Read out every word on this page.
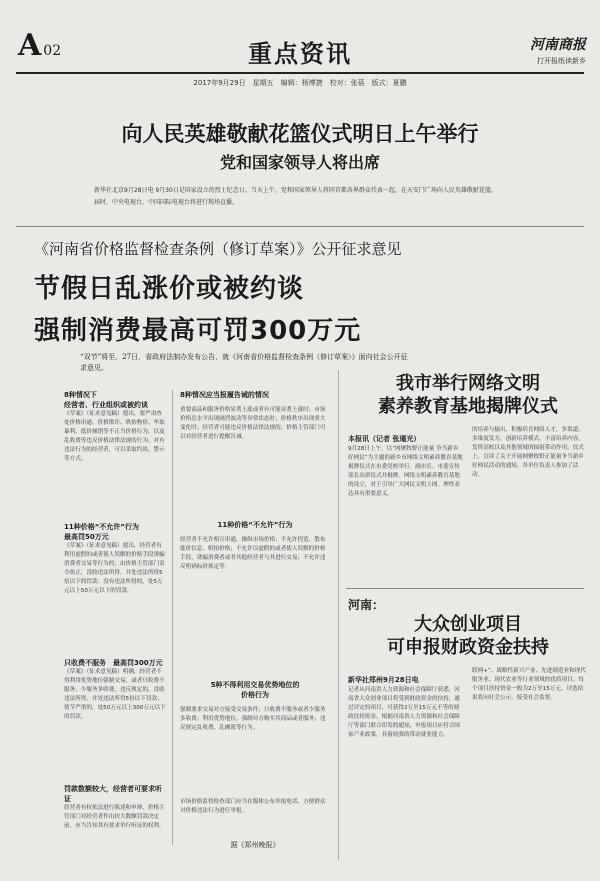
A 02	重点资讯	河南商报
打开报纸读新乡
2017年9月29日　星期五　编辑：杨博捷　校对：张蓓　版式：夏鹏
向人民英雄敬献花篮仪式明日上午举行
党和国家领导人将出席
新华社北京9月28日电 9月30日是国家设立的烈士纪念日。当天上午，党和国家领导人将同首都各界群众代表一起，在天安门广场向人民英雄敬献花篮。
届时，中央电视台、中国国际电视台将进行现场直播。
《河南省价格监督检查条例（修订草案）》公开征求意见
节假日乱涨价或被约谈
强制消费最高可罚300万元
“双节”将至，27日，省政府法制办发布公告，就《河南省价格监督检查条例（修订草案）》面向社会公开征求意见。
8种情况下
经营者、行业组织或被约谈
《草案》（征求意见稿）提出，要严肃查处价格串通、价格欺诈、哄抬物价、牟取暴利、低价倾销等不正当价格行为，以及乱收费等违反价格法律法规的行为。对有违法行为的经营者，可以采取约谈、警示等方式。
11种价格“不允许”行为
最高罚50万元
《草案》（征求意见稿）提出，经营者有利用虚假的或者使人误解的价格手段诱骗消费者交易等行为的，由价格主管部门责令改正，没收违法所得，并处违法所得5倍以下的罚款；没有违法所得的，处5万元以上50万元以下的罚款。
只收费不服务　最高罚300万元
《草案》（征求意见稿）明确，经营者不得利用优势地位强制交易，或者只收费不服务、少服务多收费。违反规定的，没收违法所得，并处违法所得5倍以下罚款；情节严重的，处50万元以上300万元以下的罚款。
罚款数额较大，经营者可要求听证
经营者有权依法进行陈述和申辩，价格主管部门对经营者作出较大数额罚款决定前，应当告知其有要求举行听证的权利。
8种情况应当报履告诫的情况
重要商品和服务价格显著上涨或者有可能显著上涨时；市场价格总水平出现剧烈波动等异常状态时；价格秩序出现重大变化时；经营者可能违反价格法律法规的，价格主管部门可以对经营者进行提醒告诫。
11种价格“不允许”行为
经营者不允许相互串通，操纵市场价格；不允许捏造、散布涨价信息，哄抬价格；不允许以虚假的或者使人误解的价格手段，诱骗消费者或者其他经营者与其进行交易；不允许违反明码标价规定等。
5种不得利用交易优势地位的
价格行为
强制要求交易对方接受交易条件；只收费不服务或者少服务多收费；利用优势地位，强制对方购买其商品或者服务；违反规定乱收费、乱摊派等行为。
市场价格监督检查部门应当在媒体公布举报电话，方便群众对价格违法行为进行举报。
据《郑州晚报》
我市举行网络文明
素养教育基地揭牌仪式
本报讯（记者 张瑾光）
9月28日上午，以“网聚牧野正能量 争当新乡好网民”为主题的新乡市网络文明素养教育基地揭牌仪式在市委党校举行。副市长、市委宣传部长出席仪式并揭牌。网络文明素养教育基地的设立，对于引导广大网民文明上网、理性表达具有重要意义。
的培养与输出，积极培育网络人才，多渠道、多维度发力，创新培养模式，丰富培养内容，发挥高校以及其他领域的辐射带动作用。仪式上，宣读了关于开展网聚牧野正能量争当新乡好网民活动的通知，各单位负责人参加了活动。
河南：
大众创业项目
可申报财政资金扶持
新华社郑州9月28日电
记者从河南省人力资源和社会保障厅获悉，河南省大众创业项目将受到财政资金的扶持，通过评定的项目，可获得2万至15万元不等的财政扶持资金。根据河南省人力资源和社会保障厅等部门联合印发的通知，申报项目应符合国家产业政策，具备较强的带动就业能力。
联网+”、战略性新兴产业、先进制造业和现代服务业、现代农业等行业领域的优质项目。每个项目扶持资金一般为2万至15万元，评选结果将向社会公示，接受社会监督。
